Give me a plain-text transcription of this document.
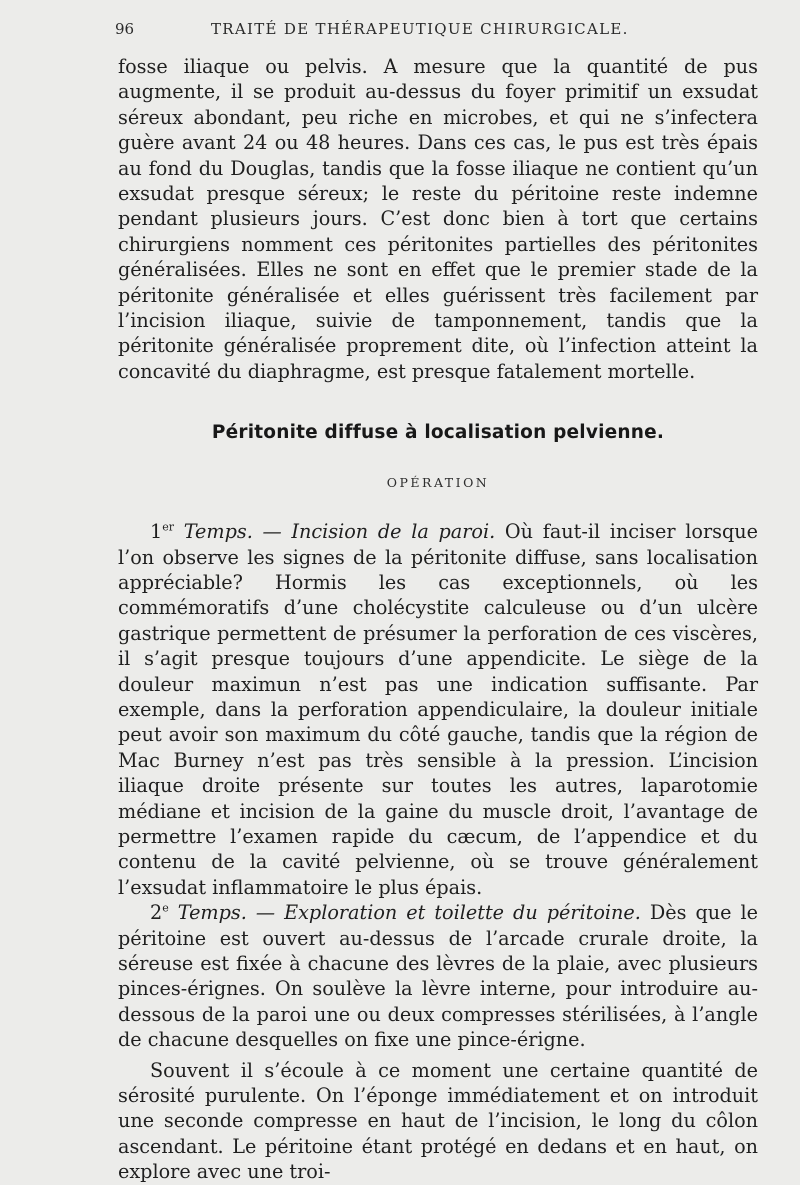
96	TRAITÉ DE THÉRAPEUTIQUE CHIRURGICALE.

fosse iliaque ou pelvis. A mesure que la quantité de pus augmente, il se produit au-dessus du foyer primitif un exsudat séreux abondant, peu riche en microbes, et qui ne s’infectera guère avant 24 ou 48 heures. Dans ces cas, le pus est très épais au fond du Douglas, tandis que la fosse iliaque ne contient qu’un exsudat presque séreux; le reste du péritoine reste indemne pendant plusieurs jours. C’est donc bien à tort que certains chirurgiens nomment ces péritonites partielles des péritonites généralisées. Elles ne sont en effet que le premier stade de la péritonite généralisée et elles guérissent très facilement par l’incision iliaque, suivie de tamponnement, tandis que la péritonite généralisée proprement dite, où l’infection atteint la concavité du diaphragme, est presque fatalement mortelle.

Péritonite diffuse à localisation pelvienne.
OPÉRATION

1er Temps. — Incision de la paroi. Où faut-il inciser lorsque l’on observe les signes de la péritonite diffuse, sans localisation appréciable? Hormis les cas exceptionnels, où les commémoratifs d’une cholécystite calculeuse ou d’un ulcère gastrique permettent de présumer la perforation de ces viscères, il s’agit presque toujours d’une appendicite. Le siège de la douleur maximun n’est pas une indication suffisante. Par exemple, dans la perforation appendiculaire, la douleur initiale peut avoir son maximum du côté gauche, tandis que la région de Mac Burney n’est pas très sensible à la pression. L’incision iliaque droite présente sur toutes les autres, laparotomie médiane et incision de la gaine du muscle droit, l’avantage de permettre l’examen rapide du cæcum, de l’appendice et du contenu de la cavité pelvienne, où se trouve généralement l’exsudat inflammatoire le plus épais.

2e Temps. — Exploration et toilette du péritoine. Dès que le péritoine est ouvert au-dessus de l’arcade crurale droite, la séreuse est fixée à chacune des lèvres de la plaie, avec plusieurs pinces-érignes. On soulève la lèvre interne, pour introduire au-dessous de la paroi une ou deux compresses stérilisées, à l’angle de chacune desquelles on fixe une pince-érigne.

Souvent il s’écoule à ce moment une certaine quantité de sérosité purulente. On l’éponge immédiatement et on introduit une seconde compresse en haut de l’incision, le long du côlon ascendant. Le péritoine étant protégé en dedans et en haut, on explore avec une troi-
